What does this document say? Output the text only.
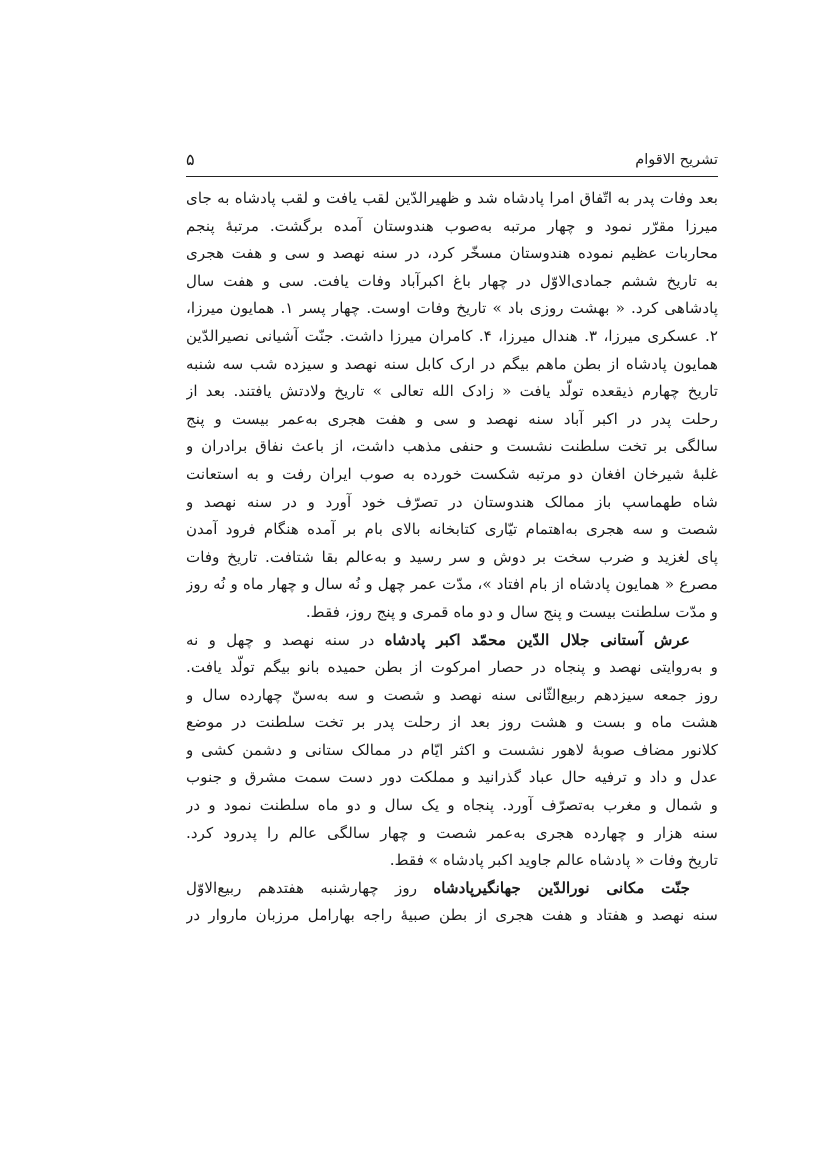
تشریح الاقوام
۵
بعد وفات پدر به اتّفاق امرا پادشاه شد و ظهیرالدّین لقب یافت و لقب پادشاه به جای
میرزا مقرّر نمود و چهار مرتبه به‌صوب هندوستان آمده برگشت. مرتبهٔ پنجم
محاربات عظیم نموده هندوستان مسخّر کرد، در سنه نهصد و سی و هفت هجری
به تاریخ ششم جمادی‌الاوّل در چهار باغ اکبرآباد وفات یافت. سی و هفت سال
پادشاهی کرد. « بهشت روزی باد » تاریخ وفات اوست. چهار پسر ۱. همایون میرزا،
۲. عسکری میرزا، ۳. هندال میرزا، ۴. کامران میرزا داشت. جنّت آشیانی نصیرالدّین
همایون پادشاه از بطن ماهم بیگم در ارک کابل سنه نهصد و سیزده شب سه شنبه
تاریخ چهارم ذیقعده تولّد یافت « زادک الله تعالی » تاریخ ولادتش یافتند. بعد از
رحلت پدر در اکبر آباد سنه نهصد و سی و هفت هجری به‌عمر بیست و پنج
سالگی بر تخت سلطنت نشست و حنفی مذهب داشت، از باعث نفاق برادران و
غلبهٔ شیرخان افغان دو مرتبه شکست خورده به صوب ایران رفت و به استعانت
شاه طهماسپ باز ممالک هندوستان در تصرّف خود آورد و در سنه نهصد و
شصت و سه هجری به‌اهتمام تیّاری کتابخانه بالای بام بر آمده هنگام فرود آمدن
پای لغزید و ضرب سخت بر دوش و سر رسید و به‌عالم بقا شتافت. تاریخ وفات
مصرع « همایون پادشاه از بام افتاد »، مدّت عمر چهل و نُه سال و چهار ماه و نُه روز
و مدّت سلطنت بیست و پنج سال و دو ماه قمری و پنج روز، فقط.
عرش آستانی جلال الدّین محمّد اکبر پادشاه در سنه نهصد و چهل و نه
و به‌روایتی نهصد و پنجاه در حصار امرکوت از بطن حمیده بانو بیگم تولّد یافت.
روز جمعه سیزدهم ربیع‌الثّانی سنه نهصد و شصت و سه به‌سنّ چهارده سال و
هشت ماه و بست و هشت روز بعد از رحلت پدر بر تخت سلطنت در موضع
کلانور مضاف صوبهٔ لاهور نشست و اکثر ایّام در ممالک ستانی و دشمن کشی و
عدل و داد و ترفیه حال عباد گذرانید و مملکت دور دست سمت مشرق و جنوب
و شمال و مغرب به‌تصرّف آورد. پنجاه و یک سال و دو ماه سلطنت نمود و در
سنه هزار و چهارده هجری به‌عمر شصت و چهار سالگی عالم را پدرود کرد.
تاریخ وفات « پادشاه عالم جاوید اکبر پادشاه » فقط.
جنّت مکانی نورالدّین جهانگیرپادشاه روز چهارشنبه هفتدهم ربیع‌الاوّل
سنه نهصد و هفتاد و هفت هجری از بطن صبیهٔ راجه بهارامل مرزبان ماروار در
